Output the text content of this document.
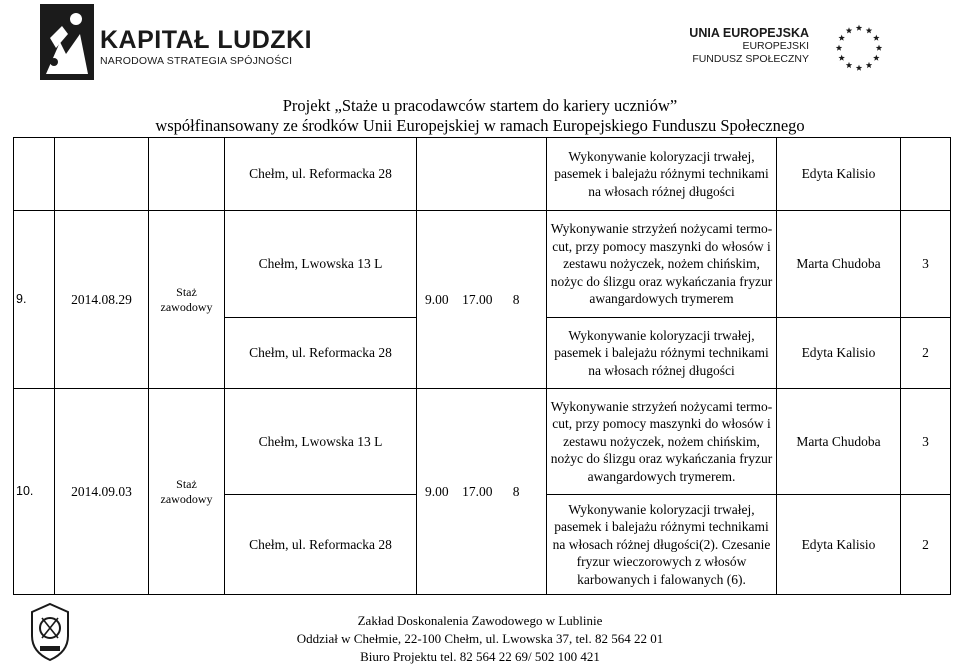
KAPITAŁ LUDZKI
NARODOWA STRATEGIA SPÓJNOŚCI
UNIA EUROPEJSKA
EUROPEJSKI
FUNDUSZ SPOŁECZNY
Projekt „Staże u pracodawców startem do kariery uczniów”
współfinansowany ze środków Unii Europejskiej w ramach Europejskiego Funduszu Społecznego
			Chełm, ul. Reformacka 28		Wykonywanie koloryzacji trwałej, pasemek i balejażu różnymi technikami na włosach różnej długości	Edyta Kalisio	
9.	2014.08.29	Staż zawodowy	Chełm, Lwowska 13 L	9.00 17.00 8	Wykonywanie strzyżeń nożycami termo-cut, przy pomocy maszynki do włosów i zestawu nożyczek, nożem chińskim, nożyc do ślizgu oraz wykańczania fryzur awangardowych trymerem	Marta Chudoba	3
			Chełm, ul. Reformacka 28		Wykonywanie koloryzacji trwałej, pasemek i balejażu różnymi technikami na włosach różnej długości	Edyta Kalisio	2
10.	2014.09.03	Staż zawodowy	Chełm, Lwowska 13 L	9.00 17.00 8	Wykonywanie strzyżeń nożycami termo-cut, przy pomocy maszynki do włosów i zestawu nożyczek, nożem chińskim, nożyc do ślizgu oraz wykańczania fryzur awangardowych trymerem.	Marta Chudoba	3
			Chełm, ul. Reformacka 28		Wykonywanie koloryzacji trwałej, pasemek i balejażu różnymi technikami na włosach różnej długości(2). Czesanie fryzur wieczorowych z włosów karbowanych i falowanych (6).	Edyta Kalisio	2
Zakład Doskonalenia Zawodowego w Lublinie
Oddział w Chełmie, 22-100 Chełm, ul. Lwowska 37, tel. 82 564 22 01
Biuro Projektu tel. 82 564 22 69/ 502 100 421
